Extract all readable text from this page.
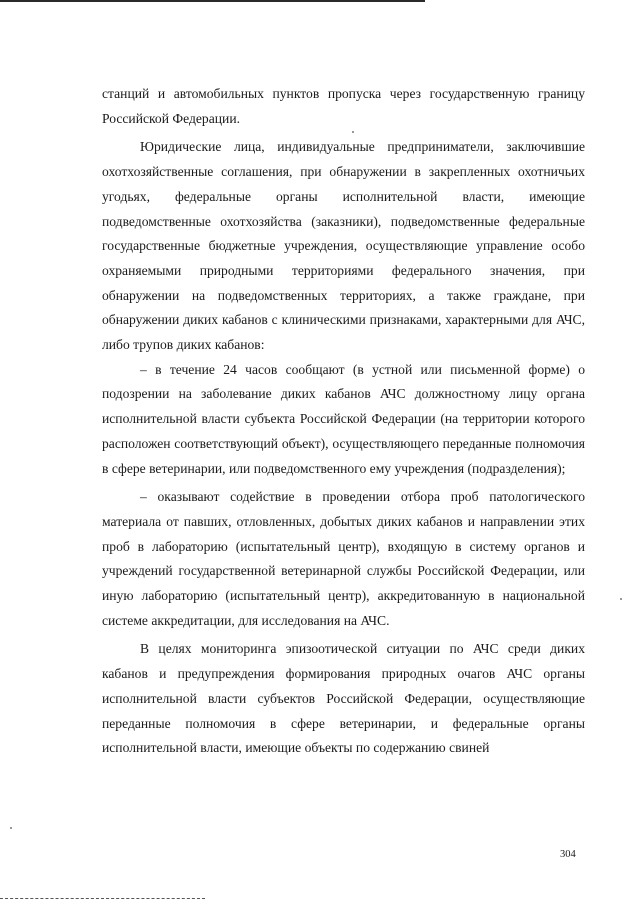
станций и автомобильных пунктов пропуска через государственную границу Российской Федерации.

Юридические лица, индивидуальные предприниматели, заключившие охотхозяйственные соглашения, при обнаружении в закрепленных охотничьих угодьях, федеральные органы исполнительной власти, имеющие подведомственные охотхозяйства (заказники), подведомственные федеральные государственные бюджетные учреждения, осуществляющие управление особо охраняемыми природными территориями федерального значения, при обнаружении на подведомственных территориях, а также граждане, при обнаружении диких кабанов с клиническими признаками, характерными для АЧС, либо трупов диких кабанов:

– в течение 24 часов сообщают (в устной или письменной форме) о подозрении на заболевание диких кабанов АЧС должностному лицу органа исполнительной власти субъекта Российской Федерации (на территории которого расположен соответствующий объект), осуществляющего переданные полномочия в сфере ветеринарии, или подведомственного ему учреждения (подразделения);

– оказывают содействие в проведении отбора проб патологического материала от павших, отловленных, добытых диких кабанов и направлении этих проб в лабораторию (испытательный центр), входящую в систему органов и учреждений государственной ветеринарной службы Российской Федерации, или иную лабораторию (испытательный центр), аккредитованную в национальной системе аккредитации, для исследования на АЧС.

В целях мониторинга эпизоотической ситуации по АЧС среди диких кабанов и предупреждения формирования природных очагов АЧС органы исполнительной власти субъектов Российской Федерации, осуществляющие переданные полномочия в сфере ветеринарии, и федеральные органы исполнительной власти, имеющие объекты по содержанию свиней

304
